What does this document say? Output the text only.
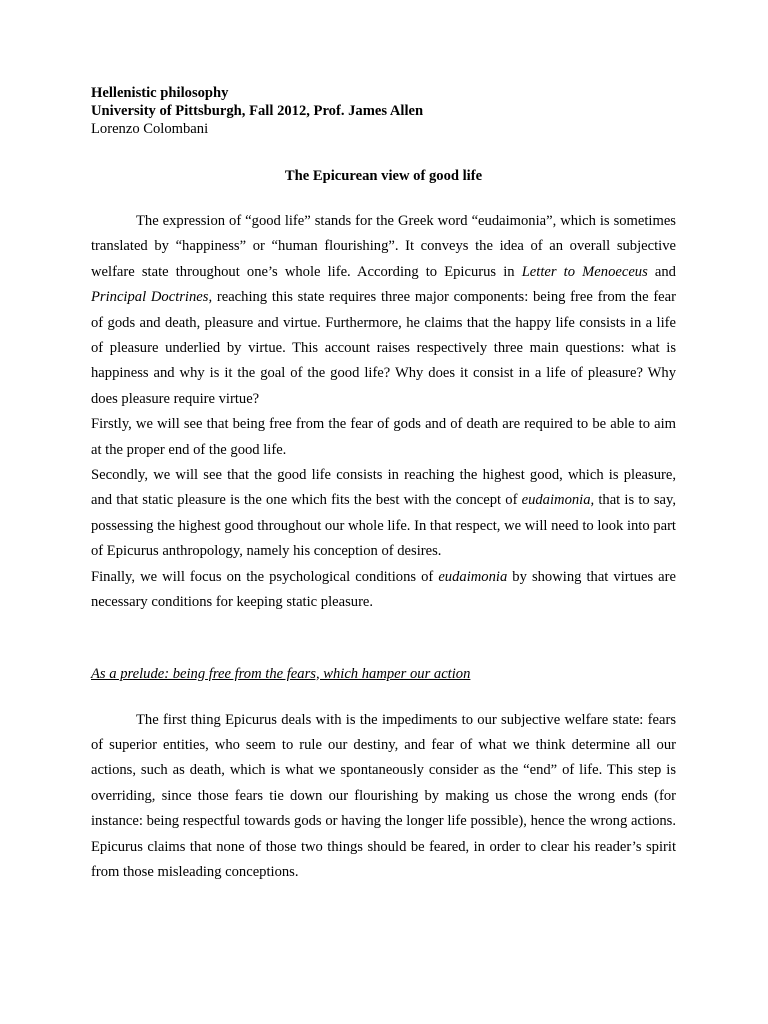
Hellenistic philosophy
University of Pittsburgh, Fall 2012, Prof. James Allen
Lorenzo Colombani
The Epicurean view of good life

The expression of “good life” stands for the Greek word “eudaimonia”, which is sometimes translated by “happiness” or “human flourishing”. It conveys the idea of an overall subjective welfare state throughout one’s whole life. According to Epicurus in Letter to Menoeceus and Principal Doctrines, reaching this state requires three major components: being free from the fear of gods and death, pleasure and virtue. Furthermore, he claims that the happy life consists in a life of pleasure underlied by virtue. This account raises respectively three main questions: what is happiness and why is it the goal of the good life? Why does it consist in a life of pleasure? Why does pleasure require virtue?

Firstly, we will see that being free from the fear of gods and of death are required to be able to aim at the proper end of the good life.

Secondly, we will see that the good life consists in reaching the highest good, which is pleasure, and that static pleasure is the one which fits the best with the concept of eudaimonia, that is to say, possessing the highest good throughout our whole life. In that respect, we will need to look into part of Epicurus anthropology, namely his conception of desires.

Finally, we will focus on the psychological conditions of eudaimonia by showing that virtues are necessary conditions for keeping static pleasure.

As a prelude: being free from the fears, which hamper our action

The first thing Epicurus deals with is the impediments to our subjective welfare state: fears of superior entities, who seem to rule our destiny, and fear of what we think determine all our actions, such as death, which is what we spontaneously consider as the “end” of life. This step is overriding, since those fears tie down our flourishing by making us chose the wrong ends (for instance: being respectful towards gods or having the longer life possible), hence the wrong actions. Epicurus claims that none of those two things should be feared, in order to clear his reader’s spirit from those misleading conceptions.
